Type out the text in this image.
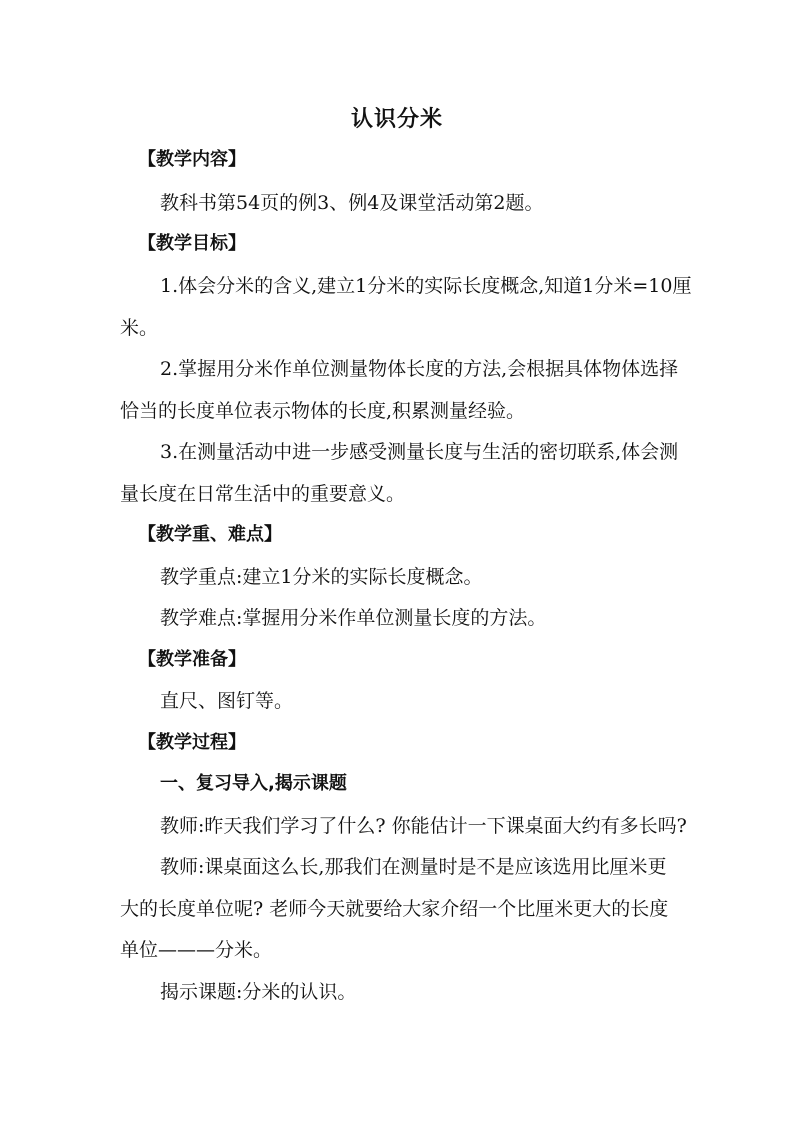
认识分米
【教学内容】
教科书第54页的例3、例4及课堂活动第2题。
【教学目标】
1.体会分米的含义,建立1分米的实际长度概念,知道1分米=10厘
米。
2.掌握用分米作单位测量物体长度的方法,会根据具体物体选择
恰当的长度单位表示物体的长度,积累测量经验。
3.在测量活动中进一步感受测量长度与生活的密切联系,体会测
量长度在日常生活中的重要意义。
【教学重、难点】
教学重点:建立1分米的实际长度概念。
教学难点:掌握用分米作单位测量长度的方法。
【教学准备】
直尺、图钉等。
【教学过程】
一、复习导入,揭示课题
教师:昨天我们学习了什么? 你能估计一下课桌面大约有多长吗?
教师:课桌面这么长,那我们在测量时是不是应该选用比厘米更
大的长度单位呢? 老师今天就要给大家介绍一个比厘米更大的长度
单位———分米。
揭示课题:分米的认识。
